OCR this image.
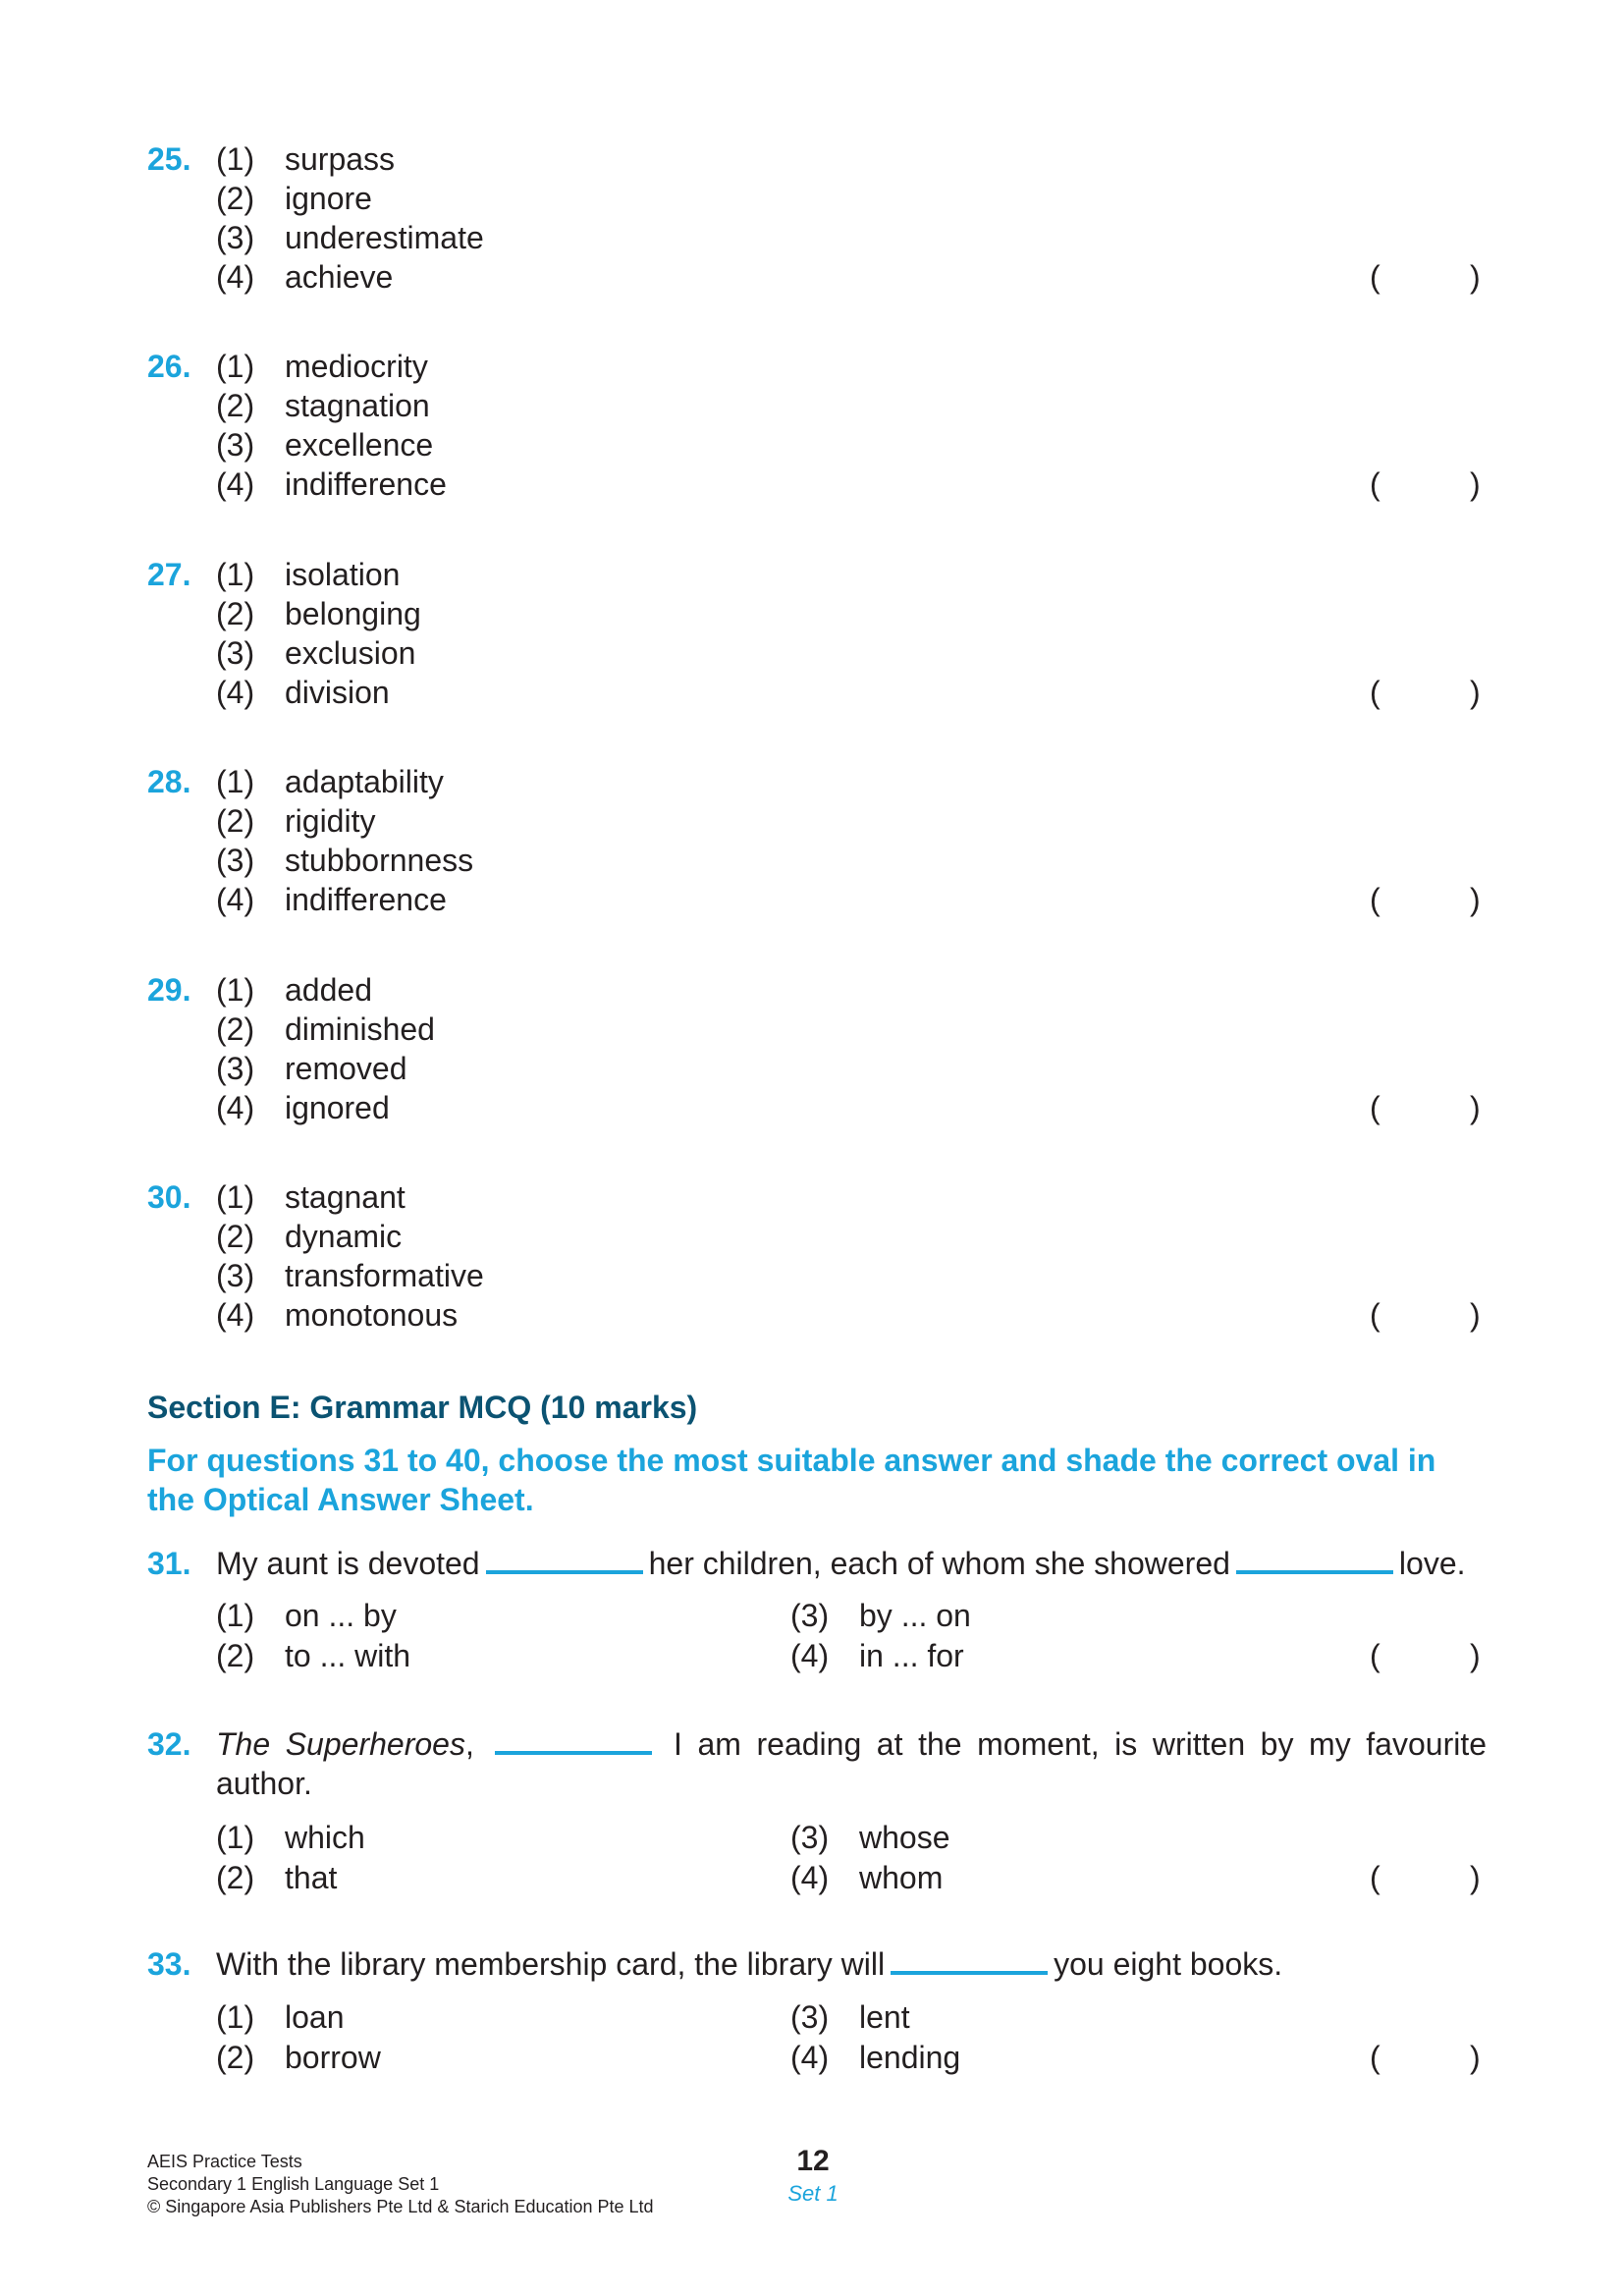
25. (1) surpass
(2) ignore
(3) underestimate
(4) achieve	(	)
26. (1) mediocrity
(2) stagnation
(3) excellence
(4) indifference	(	)
27. (1) isolation
(2) belonging
(3) exclusion
(4) division	(	)
28. (1) adaptability
(2) rigidity
(3) stubbornness
(4) indifference	(	)
29. (1) added
(2) diminished
(3) removed
(4) ignored	(	)
30. (1) stagnant
(2) dynamic
(3) transformative
(4) monotonous	(	)
Section E: Grammar MCQ (10 marks)
For questions 31 to 40, choose the most suitable answer and shade the correct oval in the Optical Answer Sheet.
31. My aunt is devoted	her children, each of whom she showered	love.
(1) on ... by
(2) to ... with
(3) by ... on
(4) in ... for	(	)
32. The Superheroes,	I am reading at the moment, is written by my favourite author.
(1) which
(2) that
(3) whose
(4) whom	(	)
33. With the library membership card, the library will	you eight books.
(1) loan
(2) borrow
(3) lent
(4) lending	(	)
AEIS Practice Tests
Secondary 1 English Language Set 1
© Singapore Asia Publishers Pte Ltd & Starich Education Pte Ltd
12
Set 1
